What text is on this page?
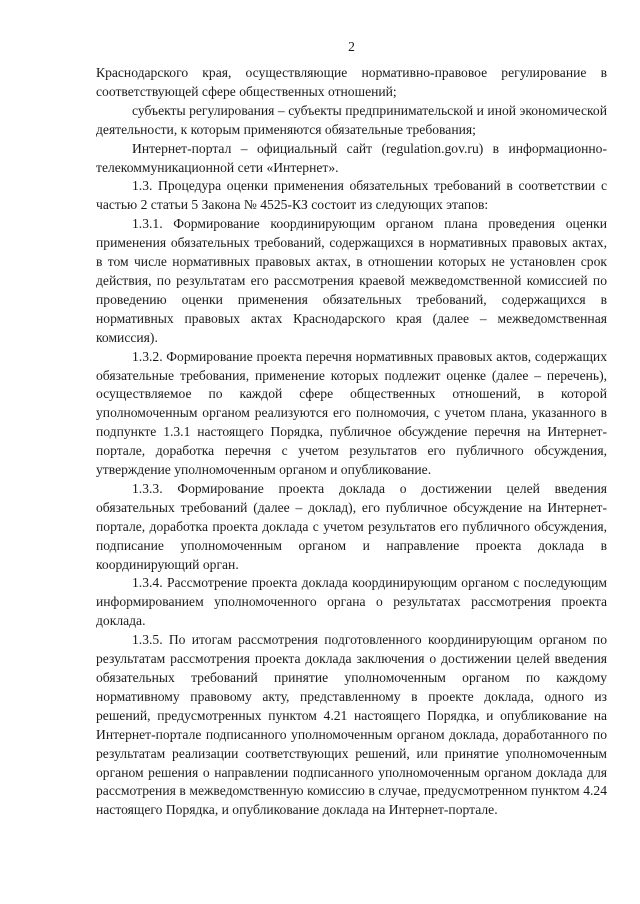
2

Краснодарского края, осуществляющие нормативно-правовое регулирование в соответствующей сфере общественных отношений;

субъекты регулирования – субъекты предпринимательской и иной экономической деятельности, к которым применяются обязательные требования;

Интернет-портал – официальный сайт (regulation.gov.ru) в информационно-телекоммуникационной сети «Интернет».

1.3. Процедура оценки применения обязательных требований в соответствии с частью 2 статьи 5 Закона № 4525-КЗ состоит из следующих этапов:

1.3.1. Формирование координирующим органом плана проведения оценки применения обязательных требований, содержащихся в нормативных правовых актах, в том числе нормативных правовых актах, в отношении которых не установлен срок действия, по результатам его рассмотрения краевой межведомственной комиссией по проведению оценки применения обязательных требований, содержащихся в нормативных правовых актах Краснодарского края (далее – межведомственная комиссия).

1.3.2. Формирование проекта перечня нормативных правовых актов, содержащих обязательные требования, применение которых подлежит оценке (далее – перечень), осуществляемое по каждой сфере общественных отношений, в которой уполномоченным органом реализуются его полномочия, с учетом плана, указанного в подпункте 1.3.1 настоящего Порядка, публичное обсуждение перечня на Интернет-портале, доработка перечня с учетом результатов его публичного обсуждения, утверждение уполномоченным органом и опубликование.

1.3.3. Формирование проекта доклада о достижении целей введения обязательных требований (далее – доклад), его публичное обсуждение на Интернет-портале, доработка проекта доклада с учетом результатов его публичного обсуждения, подписание уполномоченным органом и направление проекта доклада в координирующий орган.

1.3.4. Рассмотрение проекта доклада координирующим органом с последующим информированием уполномоченного органа о результатах рассмотрения проекта доклада.

1.3.5. По итогам рассмотрения подготовленного координирующим органом по результатам рассмотрения проекта доклада заключения о достижении целей введения обязательных требований принятие уполномоченным органом по каждому нормативному правовому акту, представленному в проекте доклада, одного из решений, предусмотренных пунктом 4.21 настоящего Порядка, и опубликование на Интернет-портале подписанного уполномоченным органом доклада, доработанного по результатам реализации соответствующих решений, или принятие уполномоченным органом решения о направлении подписанного уполномоченным органом доклада для рассмотрения в межведомственную комиссию в случае, предусмотренном пунктом 4.24 настоящего Порядка, и опубликование доклада на Интернет-портале.
